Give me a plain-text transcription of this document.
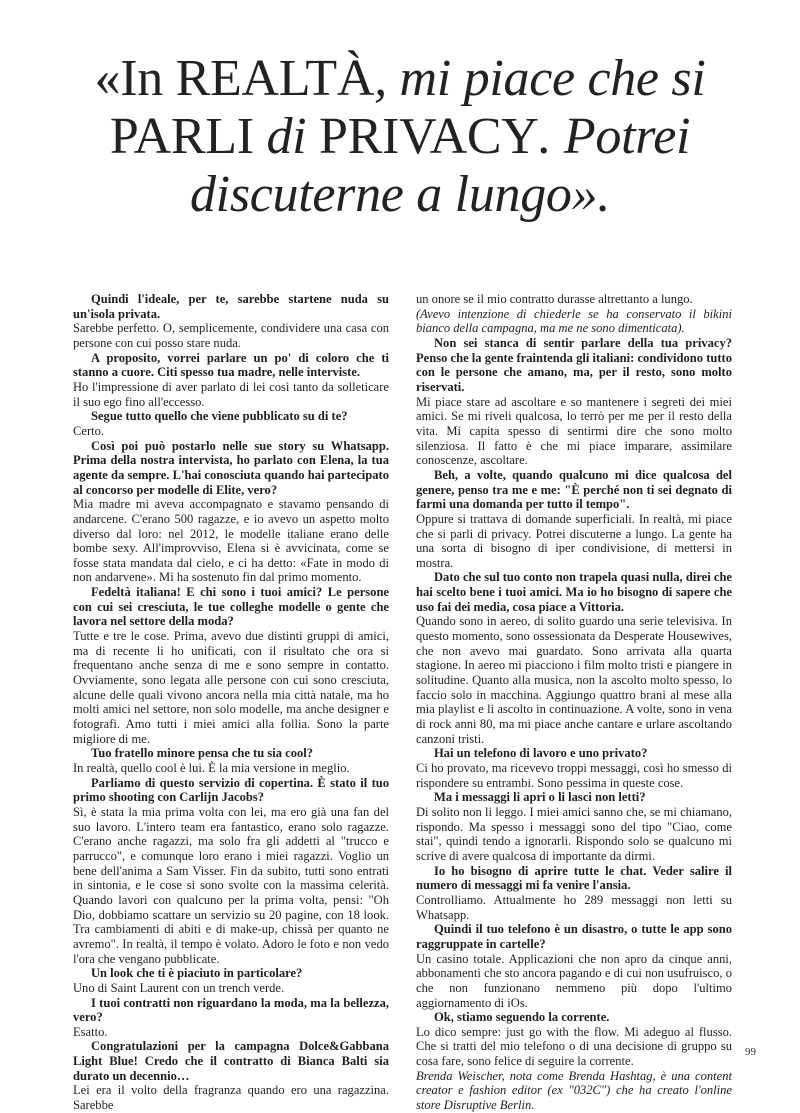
«In REALTÀ, mi piace che si
PARLI di PRIVACY. Potrei
discuterne a lungo».

Quindi l'ideale, per te, sarebbe startene nuda su un'isola privata.

Sarebbe perfetto. O, semplicemente, condividere una casa con persone con cui posso stare nuda.

A proposito, vorrei parlare un po' di coloro che ti stanno a cuore. Citi spesso tua madre, nelle interviste.

Ho l'impressione di aver parlato di lei così tanto da solleticare il suo ego fino all'eccesso.

Segue tutto quello che viene pubblicato su di te?

Certo.

Così poi può postarlo nelle sue story su Whatsapp. Prima della nostra intervista, ho parlato con Elena, la tua agente da sempre. L'hai conosciuta quando hai partecipato al concorso per modelle di Elite, vero?

Mia madre mi aveva accompagnato e stavamo pensando di andarcene. C'erano 500 ragazze, e io avevo un aspetto molto diverso dal loro: nel 2012, le modelle italiane erano delle bombe sexy. All'improvviso, Elena si è avvicinata, come se fosse stata mandata dal cielo, e ci ha detto: «Fate in modo di non andarvene». Mi ha sostenuto fin dal primo momento.

Fedeltà italiana! E chi sono i tuoi amici? Le persone con cui sei cresciuta, le tue colleghe modelle o gente che lavora nel settore della moda?

Tutte e tre le cose. Prima, avevo due distinti gruppi di amici, ma di recente li ho unificati, con il risultato che ora si frequentano anche senza di me e sono sempre in contatto. Ovviamente, sono legata alle persone con cui sono cresciuta, alcune delle quali vivono ancora nella mia città natale, ma ho molti amici nel settore, non solo modelle, ma anche designer e fotografi. Amo tutti i miei amici alla follia. Sono la parte migliore di me.

Tuo fratello minore pensa che tu sia cool?

In realtà, quello cool è lui. È la mia versione in meglio.

Parliamo di questo servizio di copertina. È stato il tuo primo shooting con Carlijn Jacobs?

Sì, è stata la mia prima volta con lei, ma ero già una fan del suo lavoro. L'intero team era fantastico, erano solo ragazze. C'erano anche ragazzi, ma solo fra gli addetti al "trucco e parrucco", e comunque loro erano i miei ragazzi. Voglio un bene dell'anima a Sam Visser. Fin da subito, tutti sono entrati in sintonia, e le cose si sono svolte con la massima celerità. Quando lavori con qualcuno per la prima volta, pensi: "Oh Dio, dobbiamo scattare un servizio su 20 pagine, con 18 look. Tra cambiamenti di abiti e di make-up, chissà per quanto ne avremo". In realtà, il tempo è volato. Adoro le foto e non vedo l'ora che vengano pubblicate.

Un look che ti è piaciuto in particolare?

Uno di Saint Laurent con un trench verde.

I tuoi contratti non riguardano la moda, ma la bellezza, vero?

Esatto.

Congratulazioni per la campagna Dolce&Gabbana Light Blue! Credo che il contratto di Bianca Balti sia durato un decennio…

Lei era il volto della fragranza quando ero una ragazzina. Sarebbe

un onore se il mio contratto durasse altrettanto a lungo.

(Avevo intenzione di chiederle se ha conservato il bikini bianco della campagna, ma me ne sono dimenticata).

Non sei stanca di sentir parlare della tua privacy? Penso che la gente fraintenda gli italiani: condividono tutto con le persone che amano, ma, per il resto, sono molto riservati.

Mi piace stare ad ascoltare e so mantenere i segreti dei miei amici. Se mi riveli qualcosa, lo terrò per me per il resto della vita. Mi capita spesso di sentirmi dire che sono molto silenziosa. Il fatto è che mi piace imparare, assimilare conoscenze, ascoltare.

Beh, a volte, quando qualcuno mi dice qualcosa del genere, penso tra me e me: "È perché non ti sei degnato di farmi una domanda per tutto il tempo".

Oppure si trattava di domande superficiali. In realtà, mi piace che si parli di privacy. Potrei discuterne a lungo. La gente ha una sorta di bisogno di iper condivisione, di mettersi in mostra.

Dato che sul tuo conto non trapela quasi nulla, direi che hai scelto bene i tuoi amici. Ma io ho bisogno di sapere che uso fai dei media, cosa piace a Vittoria.

Quando sono in aereo, di solito guardo una serie televisiva. In questo momento, sono ossessionata da Desperate Housewives, che non avevo mai guardato. Sono arrivata alla quarta stagione. In aereo mi piacciono i film molto tristi e piangere in solitudine. Quanto alla musica, non la ascolto molto spesso, lo faccio solo in macchina. Aggiungo quattro brani al mese alla mia playlist e li ascolto in continuazione. A volte, sono in vena di rock anni 80, ma mi piace anche cantare e urlare ascoltando canzoni tristi.

Hai un telefono di lavoro e uno privato?

Ci ho provato, ma ricevevo troppi messaggi, così ho smesso di rispondere su entrambi. Sono pessima in queste cose.

Ma i messaggi li apri o li lasci non letti?

Di solito non li leggo. I miei amici sanno che, se mi chiamano, rispondo. Ma spesso i messaggi sono del tipo "Ciao, come stai", quindi tendo a ignorarli. Rispondo solo se qualcuno mi scrive di avere qualcosa di importante da dirmi.

Io ho bisogno di aprire tutte le chat. Veder salire il numero di messaggi mi fa venire l'ansia.

Controlliamo. Attualmente ho 289 messaggi non letti su Whatsapp.

Quindi il tuo telefono è un disastro, o tutte le app sono raggruppate in cartelle?

Un casino totale. Applicazioni che non apro da cinque anni, abbonamenti che sto ancora pagando e di cui non usufruisco, o che non funzionano nemmeno più dopo l'ultimo aggiornamento di iOs.

Ok, stiamo seguendo la corrente.

Lo dico sempre: just go with the flow. Mi adeguo al flusso. Che si tratti del mio telefono o di una decisione di gruppo su cosa fare, sono felice di seguire la corrente.

Brenda Weischer, nota come Brenda Hashtag, è una content creator e fashion editor (ex "032C") che ha creato l'online store Disruptive Berlin.

99
